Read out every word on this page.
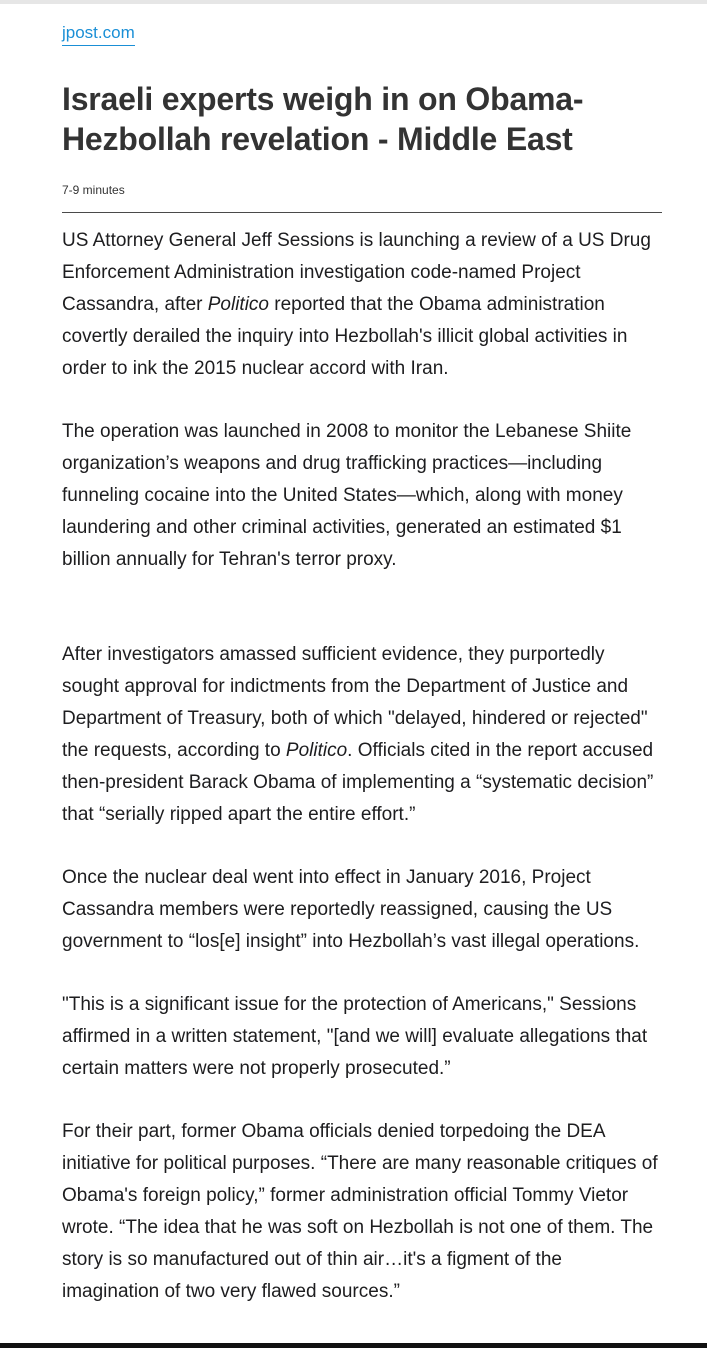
jpost.com
Israeli experts weigh in on Obama-Hezbollah revelation - Middle East
7-9 minutes

US Attorney General Jeff Sessions is launching a review of a US Drug Enforcement Administration investigation code-named Project Cassandra, after Politico reported that the Obama administration covertly derailed the inquiry into Hezbollah's illicit global activities in order to ink the 2015 nuclear accord with Iran.

The operation was launched in 2008 to monitor the Lebanese Shiite organization’s weapons and drug trafficking practices—including funneling cocaine into the United States—which, along with money laundering and other criminal activities, generated an estimated $1 billion annually for Tehran's terror proxy.

After investigators amassed sufficient evidence, they purportedly sought approval for indictments from the Department of Justice and Department of Treasury, both of which "delayed, hindered or rejected" the requests, according to Politico. Officials cited in the report accused then-president Barack Obama of implementing a “systematic decision” that “serially ripped apart the entire effort.”

Once the nuclear deal went into effect in January 2016, Project Cassandra members were reportedly reassigned, causing the US government to “los[e] insight” into Hezbollah’s vast illegal operations.

"This is a significant issue for the protection of Americans," Sessions affirmed in a written statement, "[and we will] evaluate allegations that certain matters were not properly prosecuted.”

For their part, former Obama officials denied torpedoing the DEA initiative for political purposes. “There are many reasonable critiques of Obama's foreign policy,” former administration official Tommy Vietor wrote. “The idea that he was soft on Hezbollah is not one of them. The story is so manufactured out of thin air…it's a figment of the imagination of two very flawed sources.”
